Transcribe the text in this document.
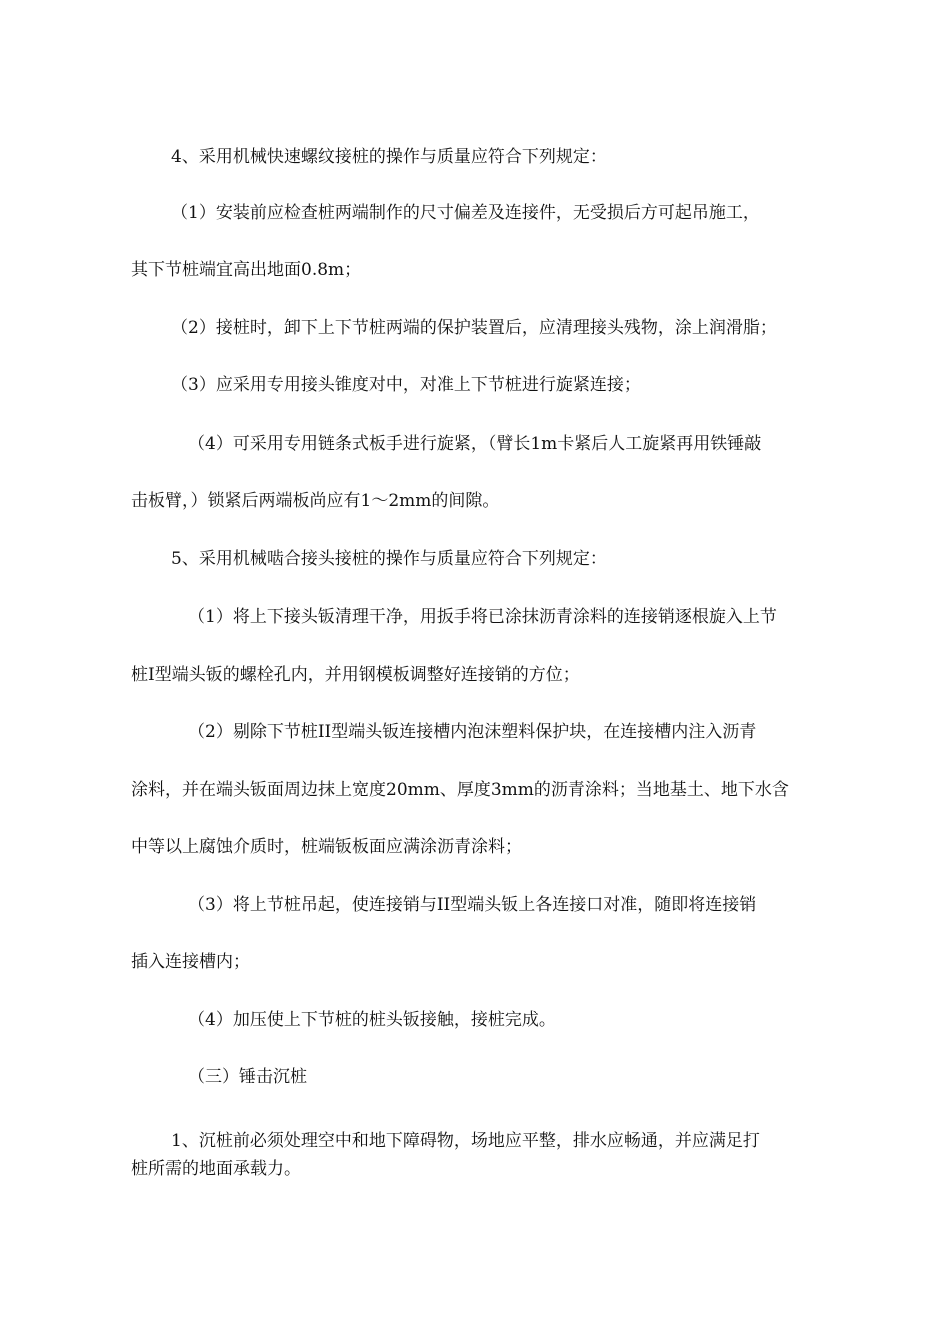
4、采用机械快速螺纹接桩的操作与质量应符合下列规定：
（1）安装前应检查桩两端制作的尺寸偏差及连接件，无受损后方可起吊施工，
其下节桩端宜高出地面0.8m；
（2）接桩时，卸下上下节桩两端的保护装置后，应清理接头残物，涂上润滑脂；
（3）应采用专用接头锥度对中，对准上下节桩进行旋紧连接；
（4）可采用专用链条式板手进行旋紧，（臂长1m卡紧后人工旋紧再用铁锤敲
击板臂，）锁紧后两端板尚应有1～2mm的间隙。
5、采用机械啮合接头接桩的操作与质量应符合下列规定：
（1）将上下接头钣清理干净，用扳手将已涂抹沥青涂料的连接销逐根旋入上节
桩I型端头钣的螺栓孔内，并用钢模板调整好连接销的方位；
（2）剔除下节桩II型端头钣连接槽内泡沫塑料保护块，在连接槽内注入沥青
涂料，并在端头钣面周边抹上宽度20mm、厚度3mm的沥青涂料；当地基土、地下水含
中等以上腐蚀介质时，桩端钣板面应满涂沥青涂料；
（3）将上节桩吊起，使连接销与II型端头钣上各连接口对准，随即将连接销
插入连接槽内；
（4）加压使上下节桩的桩头钣接触，接桩完成。
（三）锤击沉桩
1、沉桩前必须处理空中和地下障碍物，场地应平整，排水应畅通，并应满足打
桩所需的地面承载力。
